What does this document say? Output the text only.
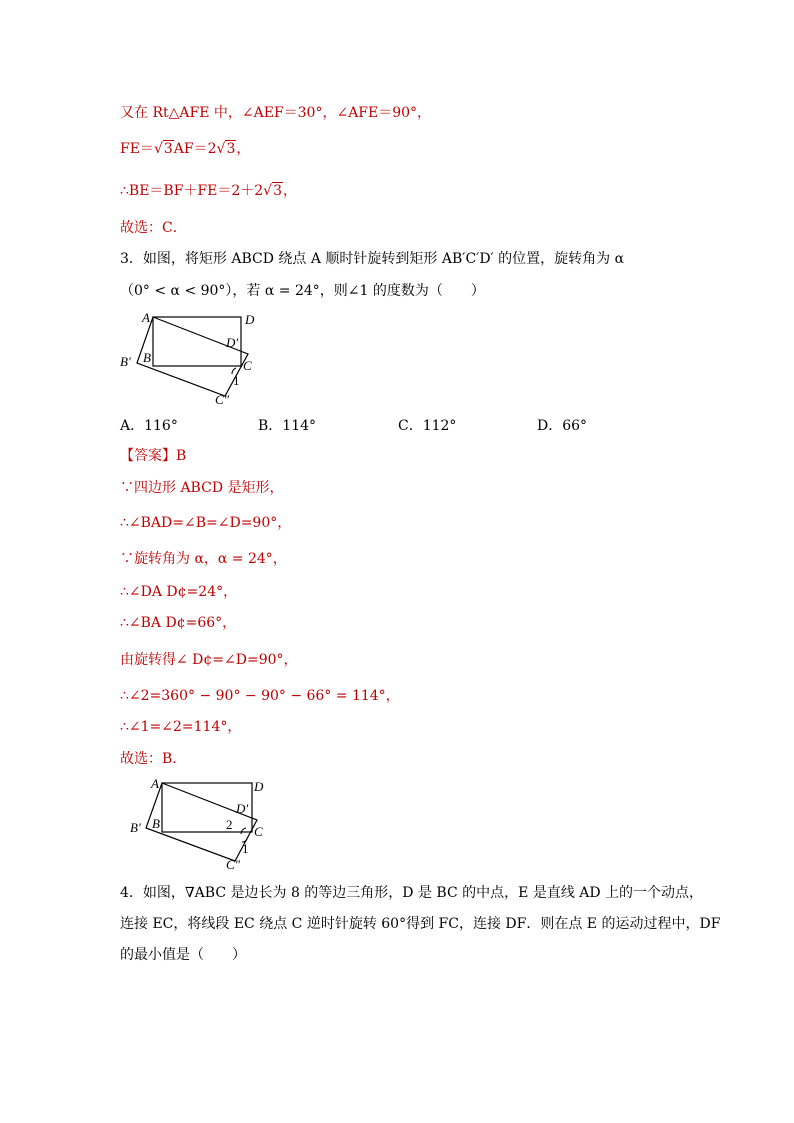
又在 Rt△AFE 中，∠AEF＝30°，∠AFE＝90°，
FE＝√3AF＝2√3，
∴BE＝BF＋FE＝2＋2√3，
故选：C．
3．如图，将矩形 ABCD 绕点 A 顺时针旋转到矩形 AB′C′D′ 的位置，旋转角为 α
（0° < α < 90°），若 α = 24°，则∠1 的度数为（　　）
A	D
D′
B
B′	C
C″
1
A．116°	B．114°	C．112°	D．66°
【答案】B
∵四边形 ABCD 是矩形，
∴∠BAD=∠B=∠D=90°，
∵旋转角为 α，α = 24°，
∴∠DA D¢=24°，
∴∠BA D¢=66°，
由旋转得∠ D¢=∠D=90°，
∴∠2=360° − 90° − 90° − 66° = 114°，
∴∠1=∠2=114°，
故选：B.
A	D
D′
B
B′	C
C″
2
1
4．如图，∇ABC 是边长为 8 的等边三角形，D 是 BC 的中点，E 是直线 AD 上的一个动点，
连接 EC，将线段 EC 绕点 C 逆时针旋转 60°得到 FC，连接 DF．则在点 E 的运动过程中，DF
的最小值是（　　）
